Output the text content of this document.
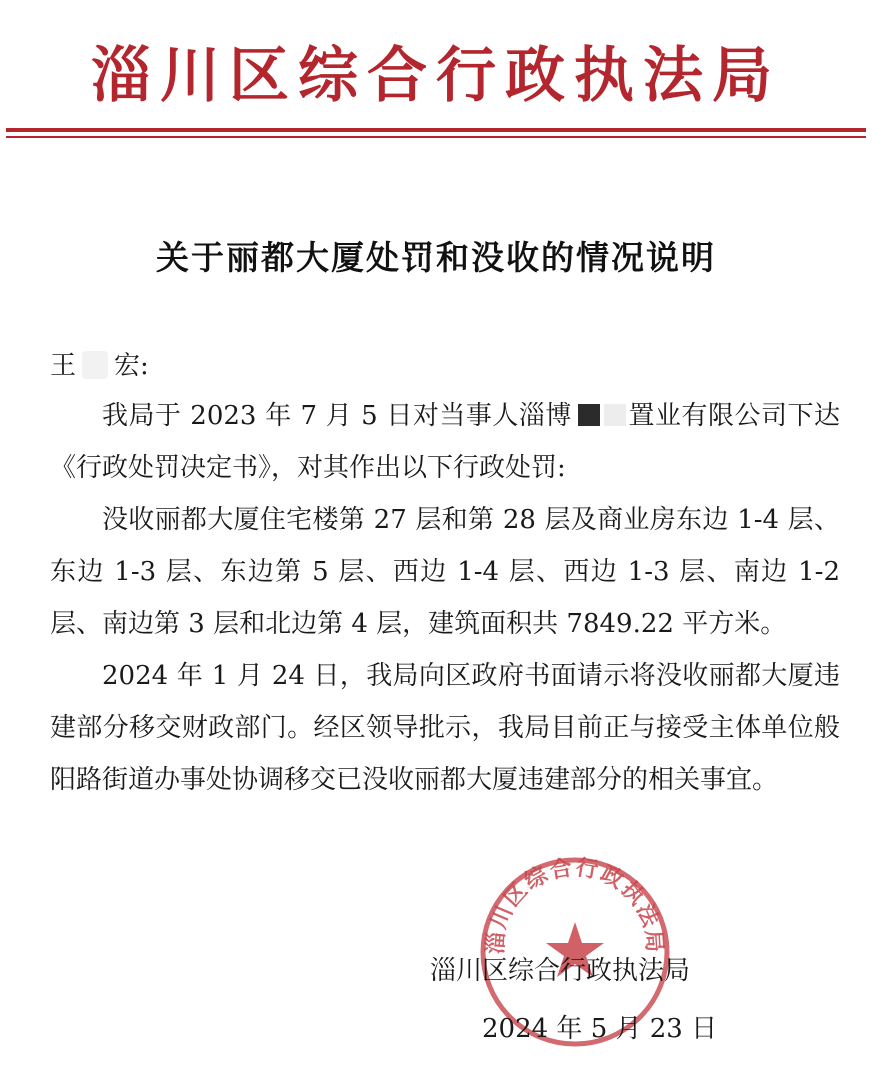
淄川区综合行政执法局
关于丽都大厦处罚和没收的情况说明
王 宏:
我局于 2023 年 7 月 5 日对当事人淄博 置业有限公司下达《行政处罚决定书》，对其作出以下行政处罚:
没收丽都大厦住宅楼第 27 层和第 28 层及商业房东边 1-4 层、东边 1-3 层、东边第 5 层、西边 1-4 层、西边 1-3 层、南边 1-2 层、南边第 3 层和北边第 4 层，建筑面积共 7849.22 平方米。
2024 年 1 月 24 日，我局向区政府书面请示将没收丽都大厦违建部分移交财政部门。经区领导批示，我局目前正与接受主体单位般阳路街道办事处协调移交已没收丽都大厦违建部分的相关事宜。
淄川区综合行政执法局
淄川区综合行政执法局
2024 年 5 月 23 日
